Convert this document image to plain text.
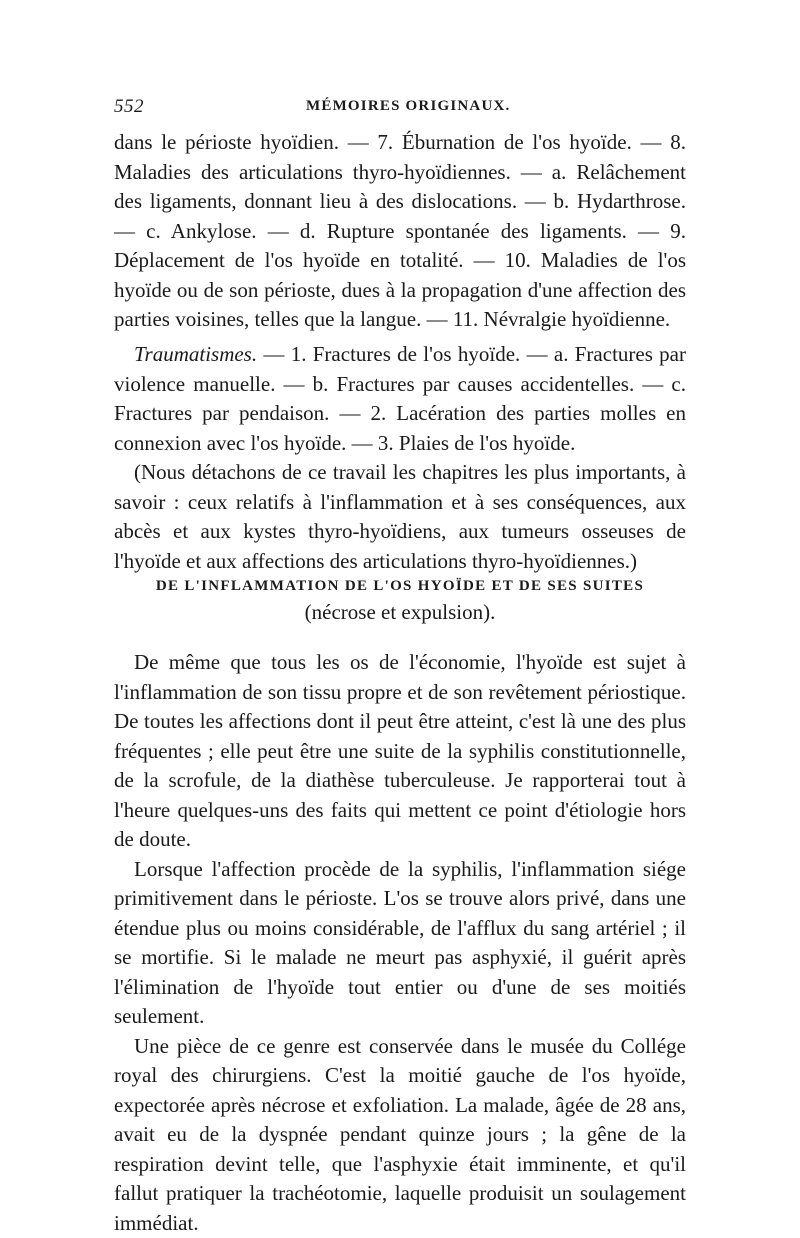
552	MÉMOIRES ORIGINAUX.

dans le périoste hyoïdien. — 7. Éburnation de l'os hyoïde. — 8. Maladies des articulations thyro-hyoïdiennes. — a. Relâchement des ligaments, donnant lieu à des dislocations. — b. Hydarthrose. — c. Ankylose. — d. Rupture spontanée des ligaments. — 9. Déplacement de l'os hyoïde en totalité. — 10. Maladies de l'os hyoïde ou de son périoste, dues à la propagation d'une affection des parties voisines, telles que la langue. — 11. Névralgie hyoïdienne.

Traumatismes. — 1. Fractures de l'os hyoïde. — a. Fractures par violence manuelle. — b. Fractures par causes accidentelles. — c. Fractures par pendaison. — 2. Lacération des parties molles en connexion avec l'os hyoïde. — 3. Plaies de l'os hyoïde.

(Nous détachons de ce travail les chapitres les plus importants, à savoir : ceux relatifs à l'inflammation et à ses conséquences, aux abcès et aux kystes thyro-hyoïdiens, aux tumeurs osseuses de l'hyoïde et aux affections des articulations thyro-hyoïdiennes.)

DE L'INFLAMMATION DE L'OS HYOÏDE ET DE SES SUITES
(nécrose et expulsion).

De même que tous les os de l'économie, l'hyoïde est sujet à l'inflammation de son tissu propre et de son revêtement périostique. De toutes les affections dont il peut être atteint, c'est là une des plus fréquentes ; elle peut être une suite de la syphilis constitutionnelle, de la scrofule, de la diathèse tuberculeuse. Je rapporterai tout à l'heure quelques-uns des faits qui mettent ce point d'étiologie hors de doute.

Lorsque l'affection procède de la syphilis, l'inflammation siége primitivement dans le périoste. L'os se trouve alors privé, dans une étendue plus ou moins considérable, de l'afflux du sang artériel ; il se mortifie. Si le malade ne meurt pas asphyxié, il guérit après l'élimination de l'hyoïde tout entier ou d'une de ses moitiés seulement.

Une pièce de ce genre est conservée dans le musée du Collége royal des chirurgiens. C'est la moitié gauche de l'os hyoïde, expectorée après nécrose et exfoliation. La malade, âgée de 28 ans, avait eu de la dyspnée pendant quinze jours ; la gêne de la respiration devint telle, que l'asphyxie était imminente, et qu'il fallut pratiquer la trachéotomie, laquelle produisit un soulagement immédiat.
